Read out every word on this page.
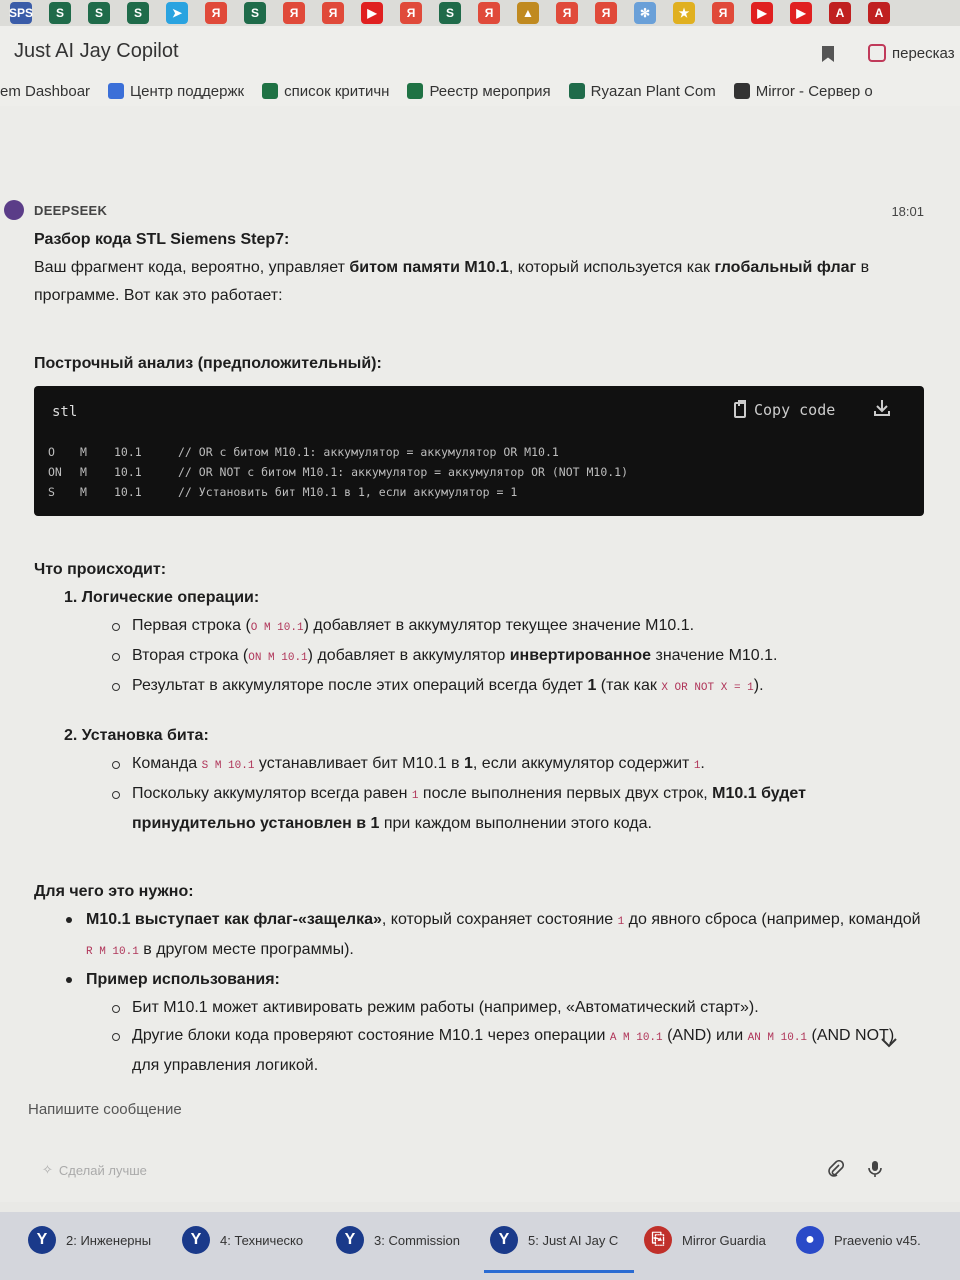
SPS	S	S	S	➤	Я	S	Я	Я	▶	Я	S	Я	▲	Я	Я	✻	★	Я	▶	▶	A	A
Just AI Jay Copilot	пересказ
em Dashboar	Центр поддержк	список критичн	Реестр мероприя	Ryazan Plant Com	Mirror - Сервер о
DEEPSEEK	18:01
Разбор кода STL Siemens Step7:
Ваш фрагмент кода, вероятно, управляет битом памяти M10.1, который используется как глобальный флаг в программе. Вот как это работает:
Построчный анализ (предположительный):
stl	Copy code
O	M	10.1	// OR с битом M10.1: аккумулятор = аккумулятор OR M10.1
ON	M	10.1	// OR NOT с битом M10.1: аккумулятор = аккумулятор OR (NOT M10.1)
S	M	10.1	// Установить бит M10.1 в 1, если аккумулятор = 1
Что происходит:
1. Логические операции:
Первая строка (O M 10.1) добавляет в аккумулятор текущее значение M10.1.
Вторая строка (ON M 10.1) добавляет в аккумулятор инвертированное значение M10.1.
Результат в аккумуляторе после этих операций всегда будет 1 (так как X OR NOT X = 1).
2. Установка бита:
Команда S M 10.1 устанавливает бит M10.1 в 1, если аккумулятор содержит 1.
Поскольку аккумулятор всегда равен 1 после выполнения первых двух строк, M10.1 будет принудительно установлен в 1 при каждом выполнении этого кода.
Для чего это нужно:
M10.1 выступает как флаг-«защелка», который сохраняет состояние 1 до явного сброса (например, командой R M 10.1 в другом месте программы).
Пример использования:
Бит M10.1 может активировать режим работы (например, «Автоматический старт»).
Другие блоки кода проверяют состояние M10.1 через операции A M 10.1 (AND) или AN M 10.1 (AND NOT) для управления логикой.
Напишите сообщение
✧ Сделай лучше
Y	2: Инженерны	Y	4: Техническо	Y	3: Commission	Y	5: Just AI Jay C	⎘	Mirror Guardia	●	Praevenio v45.
